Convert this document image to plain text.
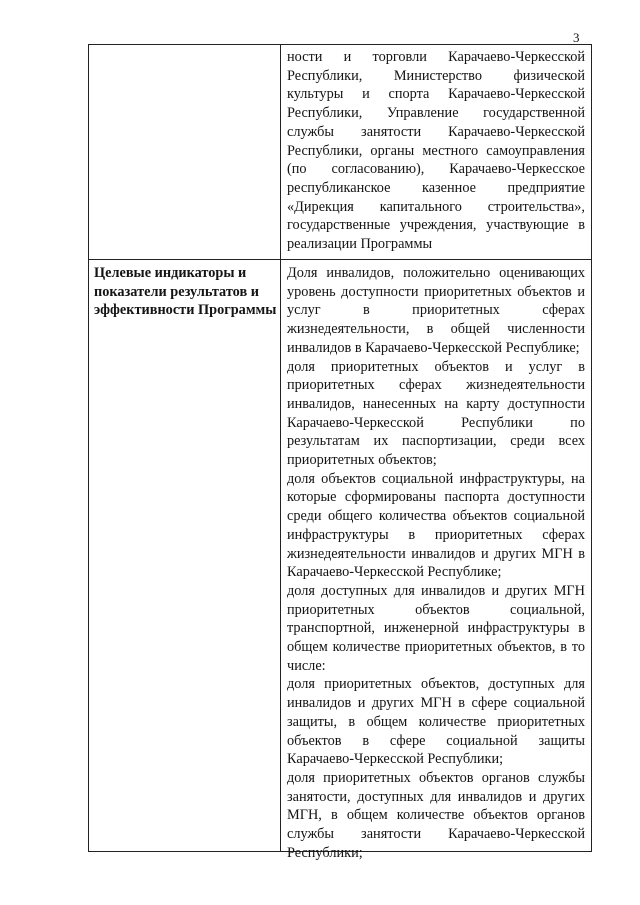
3
ности и торговли Карачаево-Черкесской Республики, Министерство физической культуры и спорта Карачаево-Черкесской Республики, Управление государственной службы занятости Карачаево-Черкесской Республики, органы местного самоуправления (по согласованию), Карачаево-Черкесское республиканское казенное предприятие «Дирекция капитального строительства», государственные учреждения, участвующие в реализации Программы
Целевые индикаторы и показатели результатов и эффективности Программы

Доля инвалидов, положительно оценивающих уровень доступности приоритетных объектов и услуг в приоритетных сферах жизнедеятельности, в общей численности инвалидов в Карачаево-Черкесской Республике;

доля приоритетных объектов и услуг в приоритетных сферах жизнедеятельности инвалидов, нанесенных на карту доступности Карачаево-Черкесской Республики по результатам их паспортизации, среди всех приоритетных объектов;

доля объектов социальной инфраструктуры, на которые сформированы паспорта доступности среди общего количества объектов социальной инфраструктуры в приоритетных сферах жизнедеятельности инвалидов и других МГН в Карачаево-Черкесской Республике;

доля доступных для инвалидов и других МГН приоритетных объектов социальной, транспортной, инженерной инфраструктуры в общем количестве приоритетных объектов, в то числе:

доля приоритетных объектов, доступных для инвалидов и других МГН в сфере социальной защиты, в общем количестве приоритетных объектов в сфере социальной защиты Карачаево-Черкесской Республики;

доля приоритетных объектов органов службы занятости, доступных для инвалидов и других МГН, в общем количестве объектов органов службы занятости Карачаево-Черкесской Республики;
